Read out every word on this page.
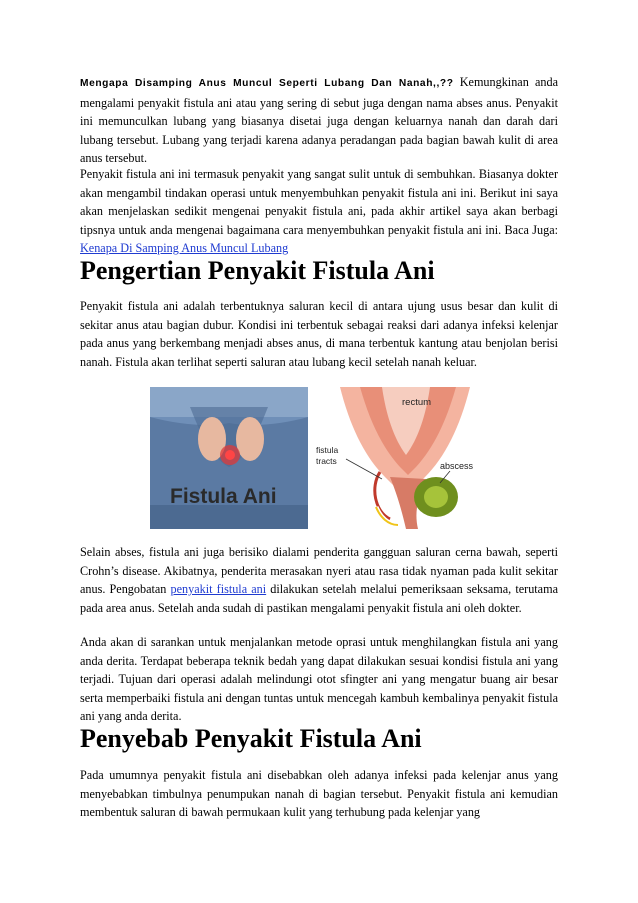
Mengapa Disamping Anus Muncul Seperti Lubang Dan Nanah,,?? Kemungkinan anda mengalami penyakit fistula ani atau yang sering di sebut juga dengan nama abses anus. Penyakit ini memunculkan lubang yang biasanya disetai juga dengan keluarnya nanah dan darah dari lubang tersebut. Lubang yang terjadi karena adanya peradangan pada bagian bawah kulit di area anus tersebut.

Penyakit fistula ani ini termasuk penyakit yang sangat sulit untuk di sembuhkan. Biasanya dokter akan mengambil tindakan operasi untuk menyembuhkan penyakit fistula ani ini. Berikut ini saya akan menjelaskan sedikit mengenai penyakit fistula ani, pada akhir artikel saya akan berbagi tipsnya untuk anda mengenai bagaimana cara menyembuhkan penyakit fistula ani ini. Baca Juga: Kenapa Di Samping Anus Muncul Lubang

Pengertian Penyakit Fistula Ani

Penyakit fistula ani adalah terbentuknya saluran kecil di antara ujung usus besar dan kulit di sekitar anus atau bagian dubur. Kondisi ini terbentuk sebagai reaksi dari adanya infeksi kelenjar pada anus yang berkembang menjadi abses anus, di mana terbentuk kantung atau benjolan berisi nanah. Fistula akan terlihat seperti saluran atau lubang kecil setelah nanah keluar.

Fistula Ani
rectum
fistula
tracts	abscess

Selain abses, fistula ani juga berisiko dialami penderita gangguan saluran cerna bawah, seperti Crohn’s disease. Akibatnya, penderita merasakan nyeri atau rasa tidak nyaman pada kulit sekitar anus. Pengobatan penyakit fistula ani dilakukan setelah melalui pemeriksaan seksama, terutama pada area anus. Setelah anda sudah di pastikan mengalami penyakit fistula ani oleh dokter.

Anda akan di sarankan untuk menjalankan metode oprasi untuk menghilangkan fistula ani yang anda derita. Terdapat beberapa teknik bedah yang dapat dilakukan sesuai kondisi fistula ani yang terjadi. Tujuan dari operasi adalah melindungi otot sfingter ani yang mengatur buang air besar serta memperbaiki fistula ani dengan tuntas untuk mencegah kambuh kembalinya penyakit fistula ani yang anda derita.

Penyebab Penyakit Fistula Ani

Pada umumnya penyakit fistula ani disebabkan oleh adanya infeksi pada kelenjar anus yang menyebabkan timbulnya penumpukan nanah di bagian tersebut. Penyakit fistula ani kemudian membentuk saluran di bawah permukaan kulit yang terhubung pada kelenjar yang
